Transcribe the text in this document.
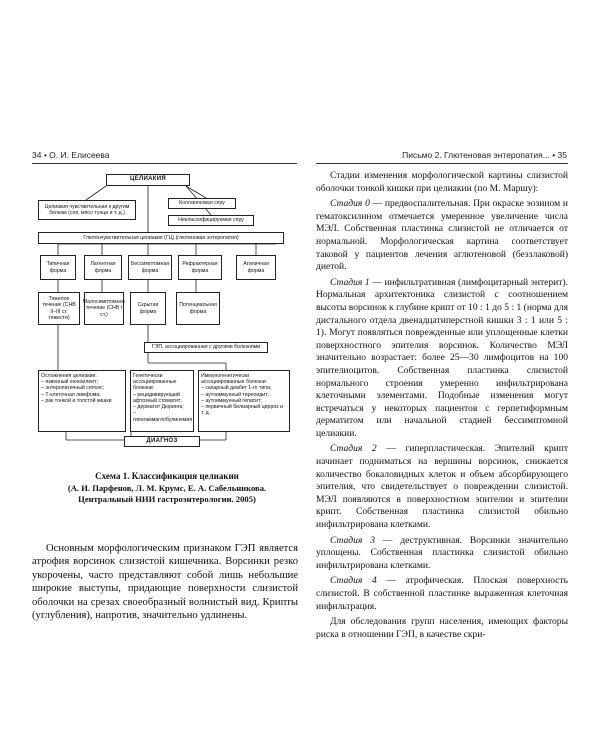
34 • О. И. Елисеева	Письмо 2. Глютеновая энтеропатия... • 35
ЦЕЛИАКИЯ
Целиакия чувствительная к другим белкам (соя, мясо тунца и т. д.)
Коллагеновая спру
Неклассифицируемая спру
Глютенчувствительная целиакия (ГЦ) (глютеновая энтеропатия)
Типичная форма
Латентная форма
Бессимптомная форма
Рефрактерная форма
Атипичная форма
Тяжелое течение (СНВ II–III ст. тяжести)
Малосимптомное течение (СНВ I ст.)
Скрытая форма
Потенциальная форма
ГЭП, ассоциированная с другими болезнями
Осложнения целиакии:

– язвенный еюноилеит;
– энтеропатичный сепсис;
– Т-клеточная лимфома;
– рак тонкой и толстой кишки
Генетически ассоциированные болезни:

– рецидивирующий афтозный стоматит;
– дерматит Дюринга;
– гипогаммаглобулинемия
Иммуногенетически ассоциированные болезни:

– сахарный диабет 1-го типа;
– аутоиммунный тиреоидит;
– аутоиммунный гепатит;
– первичный билиарный цирроз и т. д.
ДИАГНОЗ
Схема 1. Классификация целиакии
(А. И. Парфенов, Л. М. Крумс, Е. А. Сабельникова.
Центральный НИИ гастроэнтерологии. 2005)

Основным морфологическим признаком ГЭП является атрофия ворсинок слизистой кишечника. Ворсинки резко укорочены, часто представляют собой лишь небольшие широкие выступы, придающие поверхности слизистой оболочки на срезах своеобразный волнистый вид. Крипты (углубления), напротив, значительно удлинены.

Стадии изменения морфологической картины слизистой оболочки тонкой кишки при целиакии (по М. Маршу):

Стадия 0 — предвоспалительная. При окраске эозином и гематоксилином отмечается умеренное увеличение числа МЭЛ. Собственная пластинка слизистой не отличается от нормальной. Морфологическая картина соответствует таковой у пациентов лечения аглютеновой (беззлаковой) диетой.

Стадия 1 — инфильтративная (лимфоцитарный энтерит). Нормальная архитектоника слизистой с соотношением высоты ворсинок к глубине крипт от 10 : 1 до 5 : 1 (норма для дистального отдела двенадцатиперстной кишки 3 : 1 или 5 : 1). Могут появляться поврежденные или уплощенные клетки поверхностного эпителия ворсинок. Количество МЭЛ значительно возрастает: более 25—30 лимфоцитов на 100 эпителиоцитов. Собственная пластинка слизистой нормального строения умеренно инфильтрирована клеточными элементами. Подобные изменения могут встречаться у некоторых пациентов с герпетиформным дерматитом или начальной стадией бессимптомной целиакии.

Стадия 2 — гиперпластическая. Эпителий крипт начинает подниматься на вершины ворсинок, снижается количество бокаловидных клеток и объем абсорбирующего эпителия, что свидетельствует о повреждении слизистой. МЭЛ появляются в поверхностном эпителии и эпителии крипт. Собственная пластинка слизистой обильно инфильтрирована клетками.

Стадия 3 — деструктивная. Ворсинки значительно уплощены. Собственная пластинка слизистой обильно инфильтрирована клетками.

Стадия 4 — атрофическая. Плоская поверхность слизистой. В собственной пластинке выраженная клеточная инфильтрация.

Для обследования групп населения, имеющих факторы риска в отношении ГЭП, в качестве скри-
